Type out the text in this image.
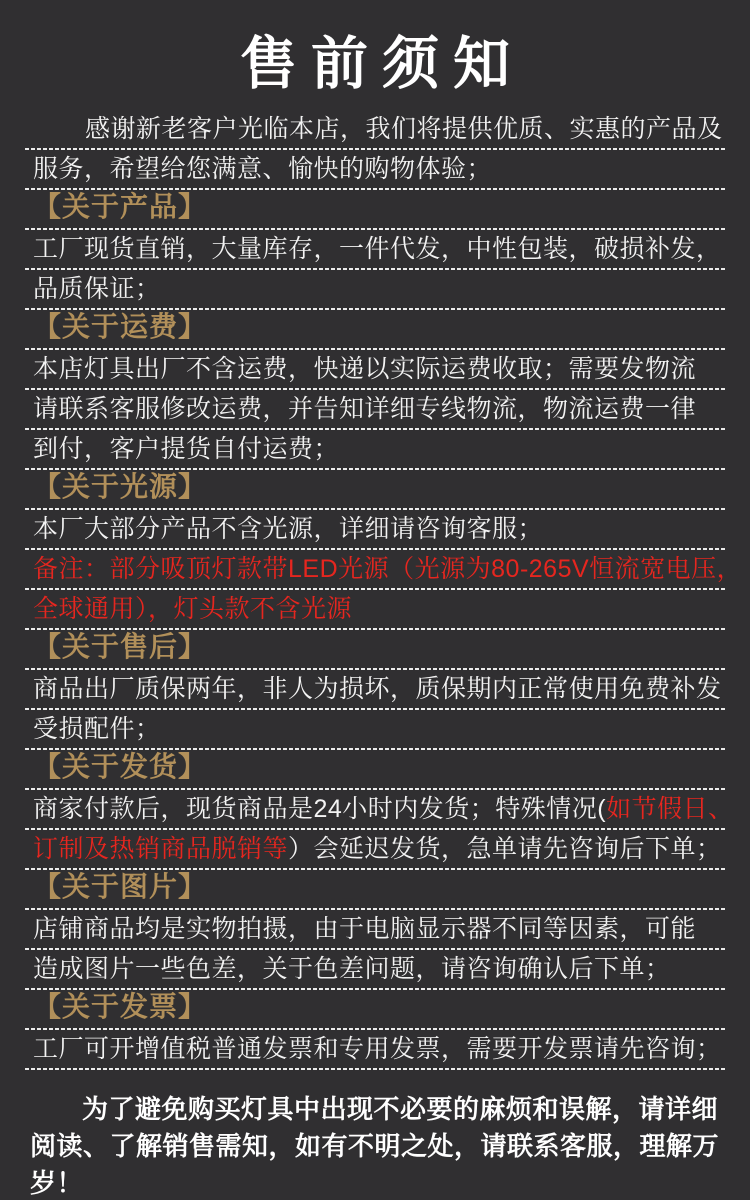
售前须知
感谢新老客户光临本店，我们将提供优质、实惠的产品及
服务，希望给您满意、愉快的购物体验；
【关于产品】
工厂现货直销，大量库存，一件代发，中性包装，破损补发，
品质保证；
【关于运费】
本店灯具出厂不含运费，快递以实际运费收取；需要发物流
请联系客服修改运费，并告知详细专线物流，物流运费一律
到付，客户提货自付运费；
【关于光源】
本厂大部分产品不含光源，详细请咨询客服；
备注：部分吸顶灯款带LED光源（光源为80-265V恒流宽电压，
全球通用），灯头款不含光源
【关于售后】
商品出厂质保两年，非人为损坏，质保期内正常使用免费补发
受损配件；
【关于发货】
商家付款后，现货商品是24小时内发货；特殊情况( 如节假日、
订制及热销商品脱销等 ）会延迟发货，急单请先咨询后下单；
【关于图片】
店铺商品均是实物拍摄，由于电脑显示器不同等因素，可能
造成图片一些色差，关于色差问题，请咨询确认后下单；
【关于发票】
工厂可开增值税普通发票和专用发票，需要开发票请先咨询；

为了避免购买灯具中出现不必要的麻烦和误解，请详细阅读、了解销售需知，如有不明之处，请联系客服，理解万岁！
